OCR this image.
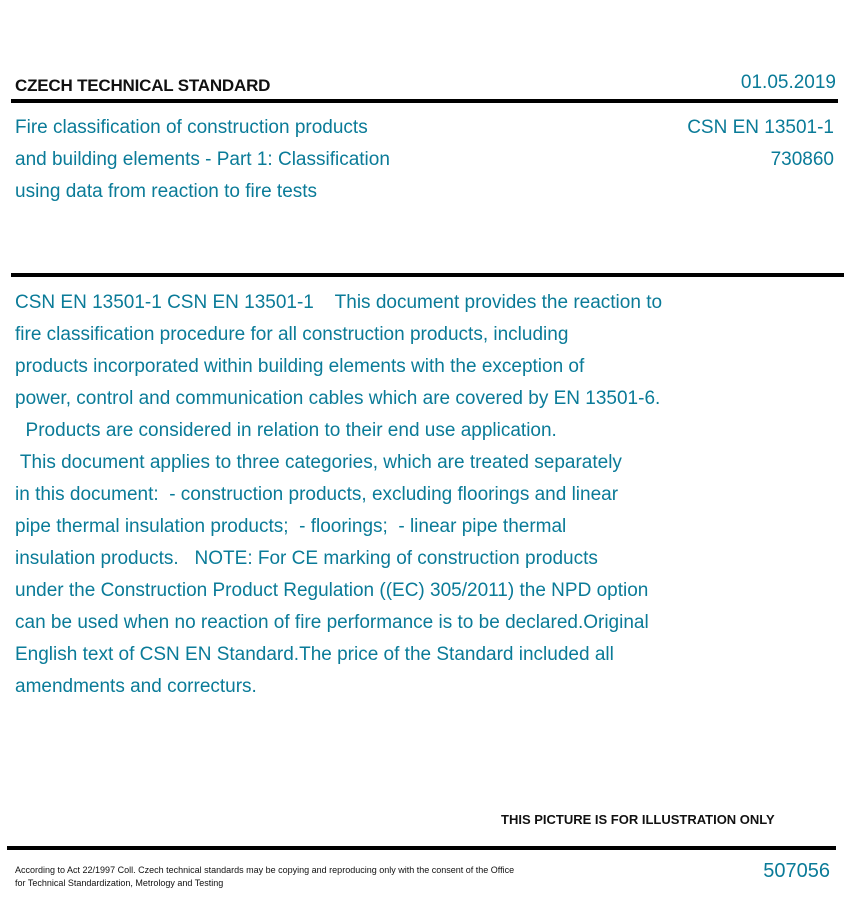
CZECH TECHNICAL STANDARD	01.05.2019
Fire classification of construction products
and building elements - Part 1: Classification
using data from reaction to fire tests
CSN EN 13501-1
730860
CSN EN 13501-1 CSN EN 13501-1    This document provides the reaction to
fire classification procedure for all construction products, including
products incorporated within building elements with the exception of
power, control and communication cables which are covered by EN 13501-6.
Products are considered in relation to their end use application.
This document applies to three categories, which are treated separately
in this document:  - construction products, excluding floorings and linear
pipe thermal insulation products;  - floorings;  - linear pipe thermal
insulation products.   NOTE: For CE marking of construction products
under the Construction Product Regulation ((EC) 305/2011) the NPD option
can be used when no reaction of fire performance is to be declared.Original
English text of CSN EN Standard.The price of the Standard included all
amendments and correcturs.
THIS PICTURE IS FOR ILLUSTRATION ONLY
According to Act 22/1997 Coll. Czech technical standards may be copying and reproducing only with the consent of the Office
for Technical Standardization, Metrology and Testing
507056
